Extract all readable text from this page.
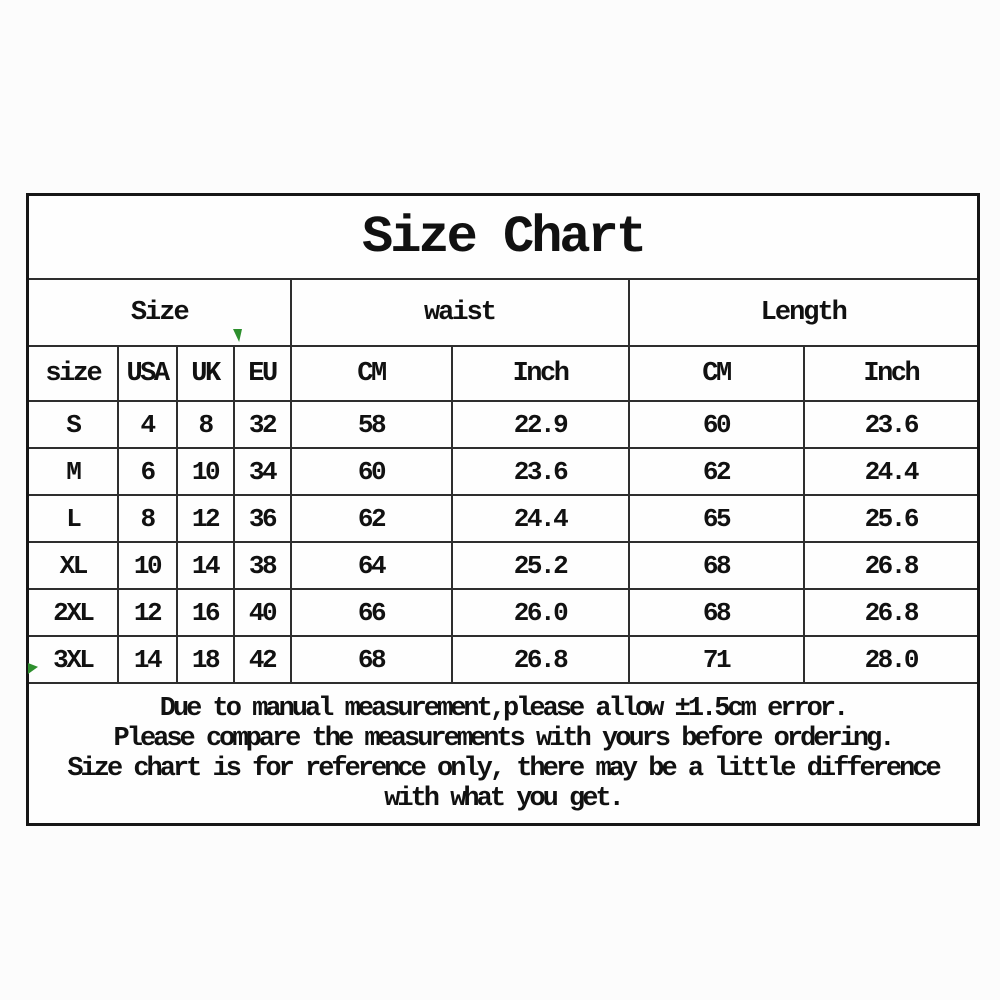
Size Chart							
Size				waist		Length	
size	USA	UK	EU	CM	Inch	CM	Inch
S	4	8	32	58	22.9	60	23.6
M	6	10	34	60	23.6	62	24.4
L	8	12	36	62	24.4	65	25.6
XL	10	14	38	64	25.2	68	26.8
2XL	12	16	40	66	26.0	68	26.8
3XL	14	18	42	68	26.8	71	28.0

Due to manual measurement,please allow ±1.5cm error.
Please compare the measurements with yours before ordering.
Size chart is for reference only, there may be a little difference
with what you get.							
